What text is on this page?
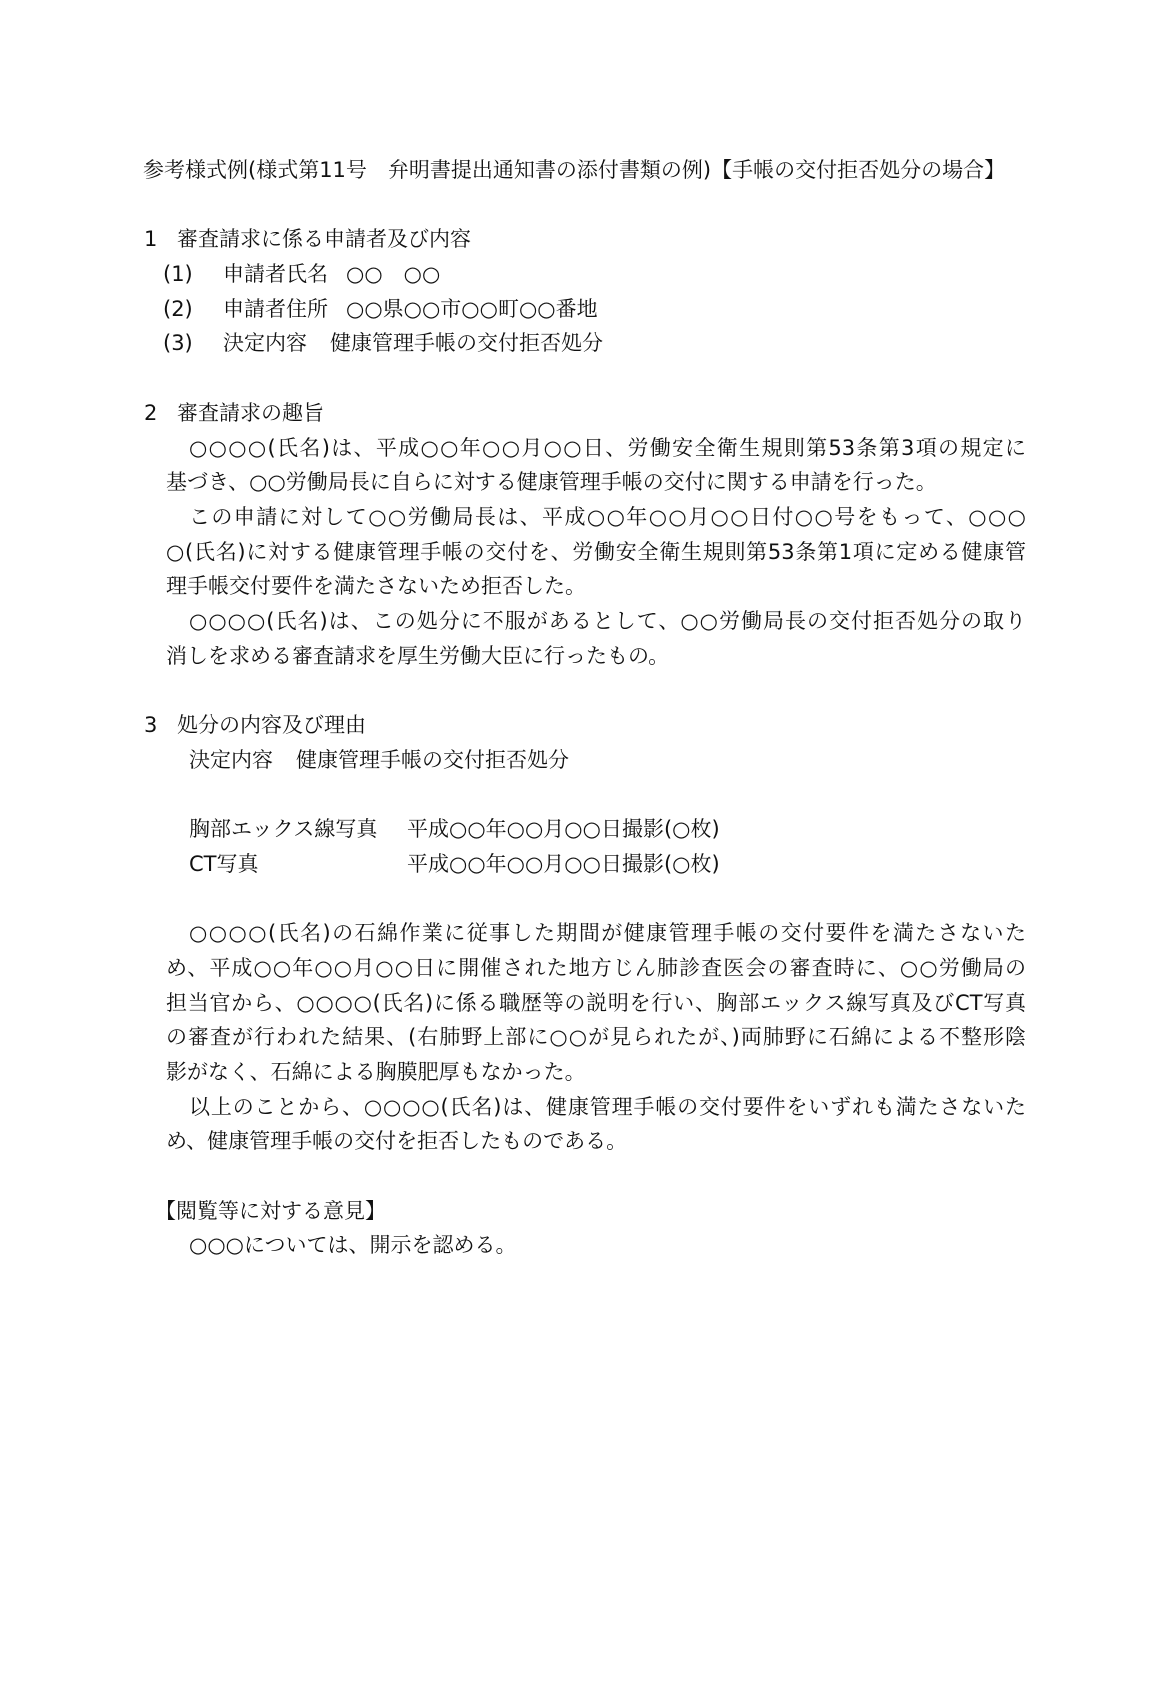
参考様式例(様式第11号　弁明書提出通知書の添付書類の例)【手帳の交付拒否処分の場合】
1 審査請求に係る申請者及び内容
(1) 申請者氏名 ○○　○○
(2) 申請者住所 ○○県○○市○○町○○番地
(3) 決定内容 健康管理手帳の交付拒否処分
2 審査請求の趣旨
○○○○(氏名)は、平成○○年○○月○○日、労働安全衛生規則第53条第3項の規定に
基づき、○○労働局長に自らに対する健康管理手帳の交付に関する申請を行った。
この申請に対して○○労働局長は、平成○○年○○月○○日付○○号をもって、○○○
○(氏名)に対する健康管理手帳の交付を、労働安全衛生規則第53条第1項に定める健康管
理手帳交付要件を満たさないため拒否した。
○○○○(氏名)は、この処分に不服があるとして、○○労働局長の交付拒否処分の取り
消しを求める審査請求を厚生労働大臣に行ったもの。
3 処分の内容及び理由
決定内容 健康管理手帳の交付拒否処分
胸部エックス線写真 平成○○年○○月○○日撮影(○枚)
CT写真	平成○○年○○月○○日撮影(○枚)
○○○○(氏名)の石綿作業に従事した期間が健康管理手帳の交付要件を満たさないた
め、平成○○年○○月○○日に開催された地方じん肺診査医会の審査時に、○○労働局の
担当官から、○○○○(氏名)に係る職歴等の説明を行い、胸部エックス線写真及びCT写真
の審査が行われた結果、(右肺野上部に○○が見られたが、)両肺野に石綿による不整形陰
影がなく、石綿による胸膜肥厚もなかった。
以上のことから、○○○○(氏名)は、健康管理手帳の交付要件をいずれも満たさないた
め、健康管理手帳の交付を拒否したものである。
【閲覧等に対する意見】
○○○については、開示を認める。
